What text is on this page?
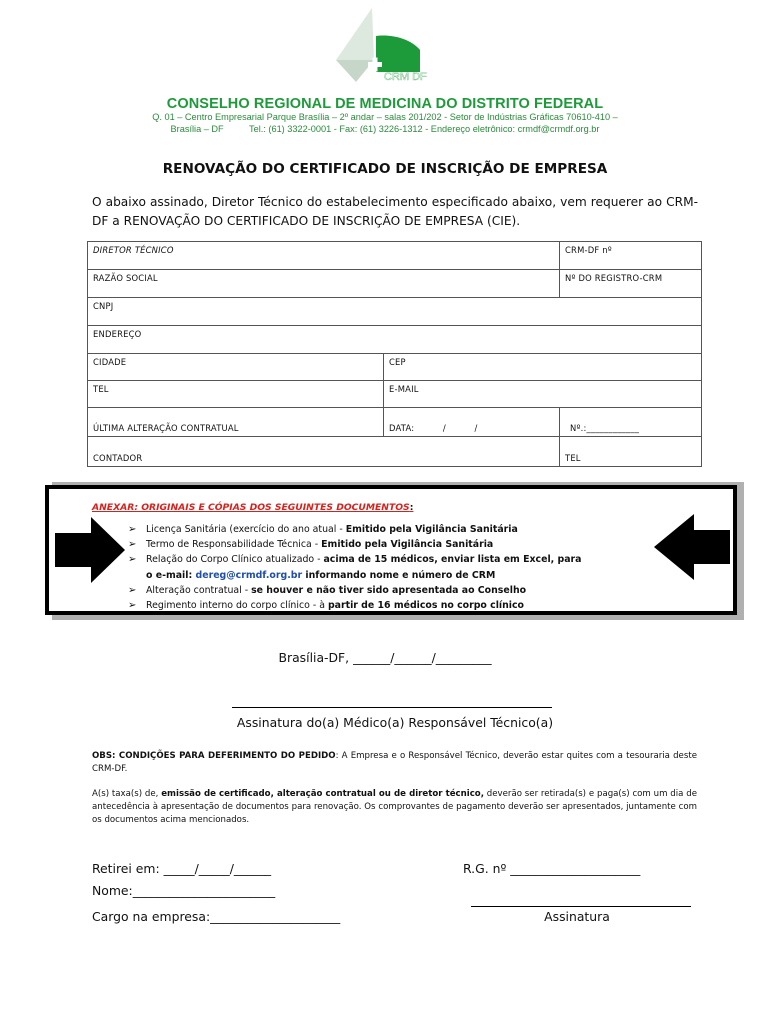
CRM DF
CONSELHO REGIONAL DE MEDICINA DO DISTRITO FEDERAL
Q. 01 – Centro Empresarial Parque Brasília – 2º andar – salas 201/202 - Setor de Indústrias Gráficas 70610-410 –
Brasília – DF          Tel.: (61) 3322-0001 - Fax: (61) 3226-1312 - Endereço eletrônico: crmdf@crmdf.org.br
RENOVAÇÃO DO CERTIFICADO DE INSCRIÇÃO DE EMPRESA
O abaixo assinado, Diretor Técnico do estabelecimento especificado abaixo, vem requerer ao CRM-DF a RENOVAÇÃO DO CERTIFICADO DE INSCRIÇÃO DE EMPRESA (CIE).
DIRETOR TÉCNICO		CRM-DF nº
RAZÃO SOCIAL		Nº DO REGISTRO-CRM
CNPJ		
ENDEREÇO		
CIDADE	CEP	
TEL	E-MAIL	
ÚLTIMA ALTERAÇÃO CONTRATUAL	DATA:          /          /	Nº.:____________
CONTADOR		TEL
ANEXAR: ORIGINAIS E CÓPIAS DOS SEGUINTES DOCUMENTOS:
➢ Licença Sanitária (exercício do ano atual - Emitido pela Vigilância Sanitária
➢ Termo de Responsabilidade Técnica - Emitido pela Vigilância Sanitária
➢ Relação do Corpo Clínico atualizado - acima de 15 médicos, enviar lista em Excel, para
o e-mail: dereg@crmdf.org.br informando nome e número de CRM
➢ Alteração contratual - se houver e não tiver sido apresentada ao Conselho
➢ Regimento interno do corpo clínico - à partir de 16 médicos no corpo clínico
Brasília-DF, ______/______/_________
Assinatura do(a) Médico(a) Responsável Técnico(a)
OBS: CONDIÇÕES PARA DEFERIMENTO DO PEDIDO: A Empresa e o Responsável Técnico, deverão estar quites com a tesouraria deste CRM-DF.
A(s) taxa(s) de, emissão de certificado, alteração contratual ou de diretor técnico, deverão ser retirada(s) e paga(s) com um dia de antecedência à apresentação de documentos para renovação. Os comprovantes de pagamento deverão ser apresentados, juntamente com os documentos acima mencionados.
Retirei em: _____/_____/______	R.G. nº _____________________
Nome:_______________________
Cargo na empresa:_____________________	Assinatura
